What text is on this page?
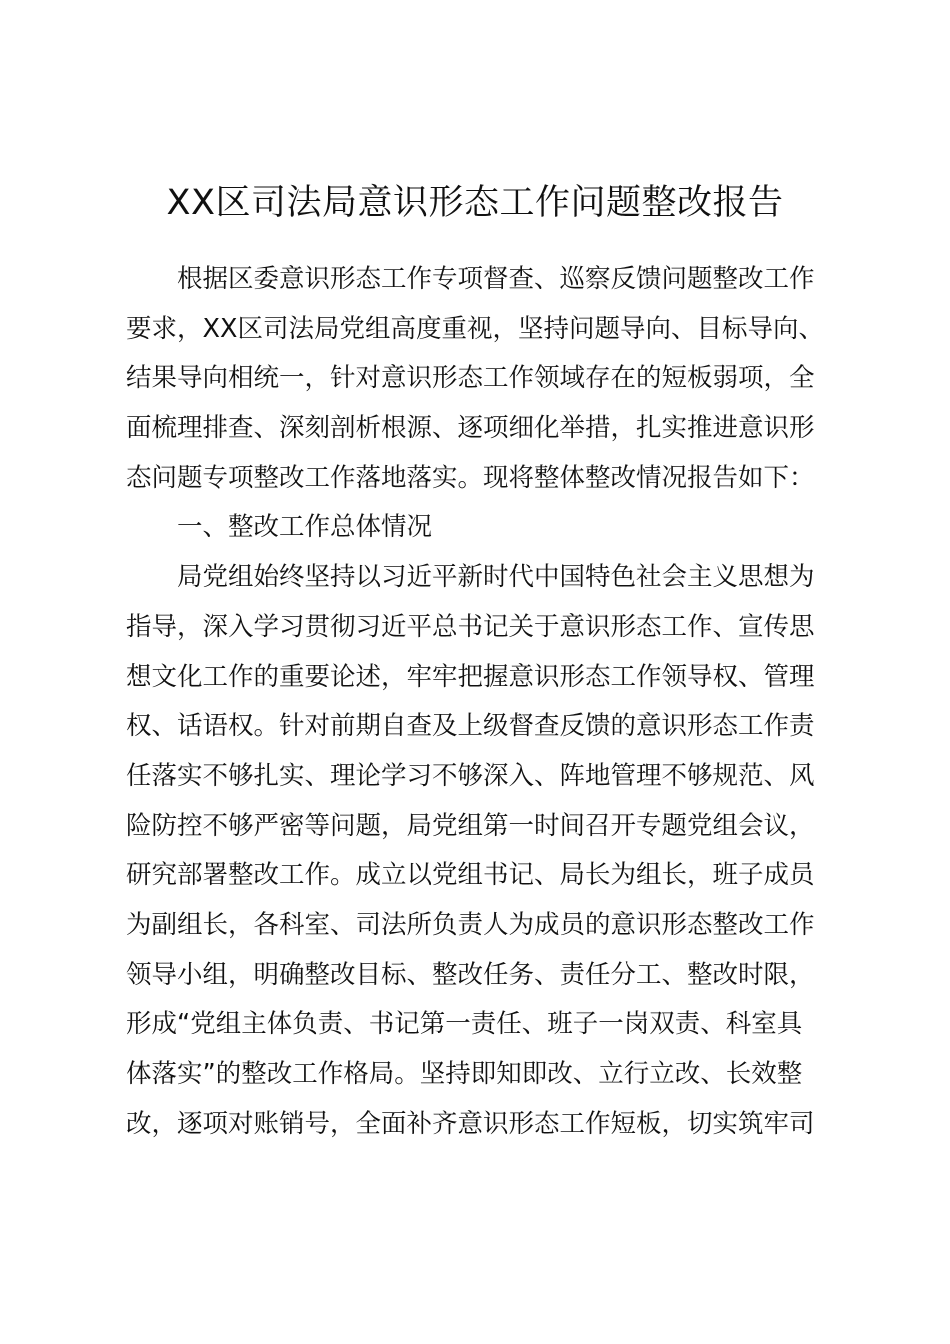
XX区司法局意识形态工作问题整改报告
根据区委意识形态工作专项督查、巡察反馈问题整改工作
要求，XX区司法局党组高度重视，坚持问题导向、目标导向、
结果导向相统一，针对意识形态工作领域存在的短板弱项，全
面梳理排查、深刻剖析根源、逐项细化举措，扎实推进意识形
态问题专项整改工作落地落实。现将整体整改情况报告如下：
一、整改工作总体情况
局党组始终坚持以习近平新时代中国特色社会主义思想为
指导，深入学习贯彻习近平总书记关于意识形态工作、宣传思
想文化工作的重要论述，牢牢把握意识形态工作领导权、管理
权、话语权。针对前期自查及上级督查反馈的意识形态工作责
任落实不够扎实、理论学习不够深入、阵地管理不够规范、风
险防控不够严密等问题，局党组第一时间召开专题党组会议，
研究部署整改工作。成立以党组书记、局长为组长，班子成员
为副组长，各科室、司法所负责人为成员的意识形态整改工作
领导小组，明确整改目标、整改任务、责任分工、整改时限，
形成“党组主体负责、书记第一责任、班子一岗双责、科室具
体落实”的整改工作格局。坚持即知即改、立行立改、长效整
改，逐项对账销号，全面补齐意识形态工作短板，切实筑牢司
